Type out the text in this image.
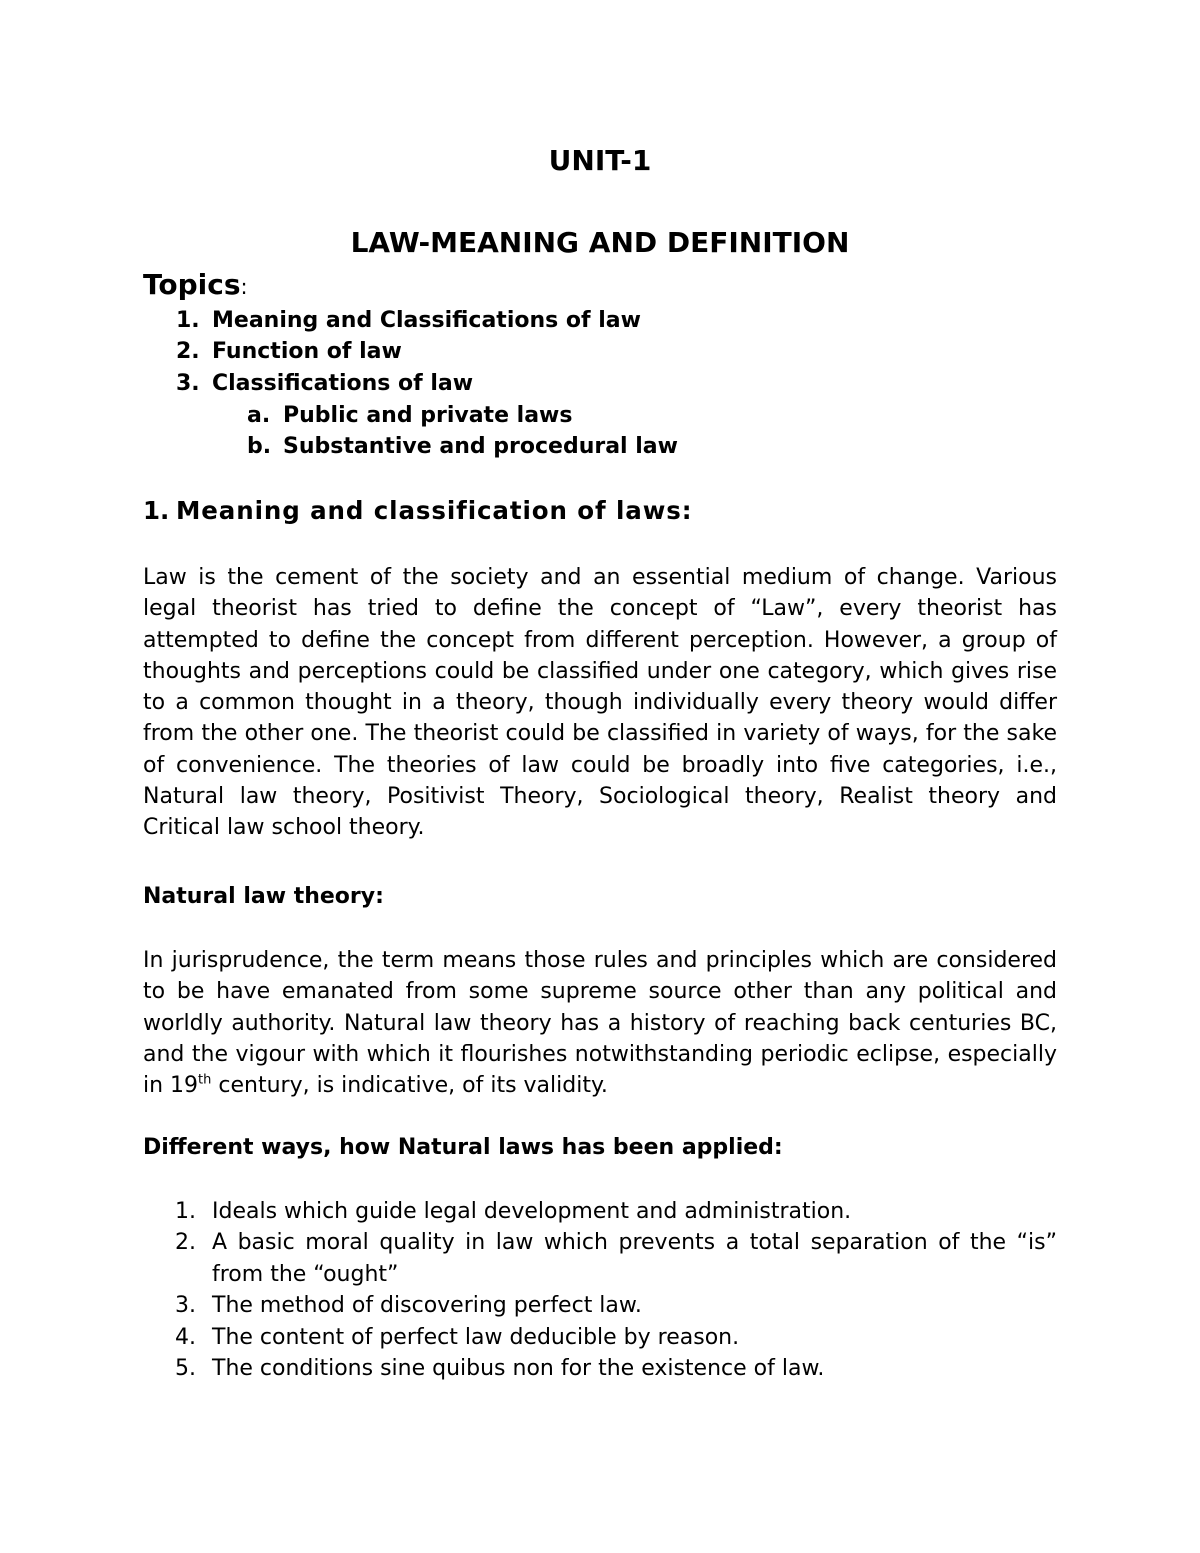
UNIT-1
LAW-MEANING AND DEFINITION

Topics:

1. Meaning and Classifications of law

2. Function of law

3. Classifications of law

a. Public and private laws

b. Substantive and procedural law

1. Meaning and classification of laws:

Law is the cement of the society and an essential medium of change. Various legal theorist has tried to define the concept of “Law”, every theorist has attempted to define the concept from different perception. However, a group of thoughts and perceptions could be classified under one category, which gives rise to a common thought in a theory, though individually every theory would differ from the other one. The theorist could be classified in variety of ways, for the sake of convenience. The theories of law could be broadly into five categories, i.e., Natural law theory, Positivist Theory, Sociological theory, Realist theory and Critical law school theory.

Natural law theory:

In jurisprudence, the term means those rules and principles which are considered to be have emanated from some supreme source other than any political and worldly authority. Natural law theory has a history of reaching back centuries BC, and the vigour with which it flourishes notwithstanding periodic eclipse, especially in 19th century, is indicative, of its validity.

Different ways, how Natural laws has been applied:

1. Ideals which guide legal development and administration.
2. A basic moral quality in law which prevents a total separation of the “is” from the “ought”
3. The method of discovering perfect law.
4. The content of perfect law deducible by reason.
5. The conditions sine quibus non for the existence of law.
